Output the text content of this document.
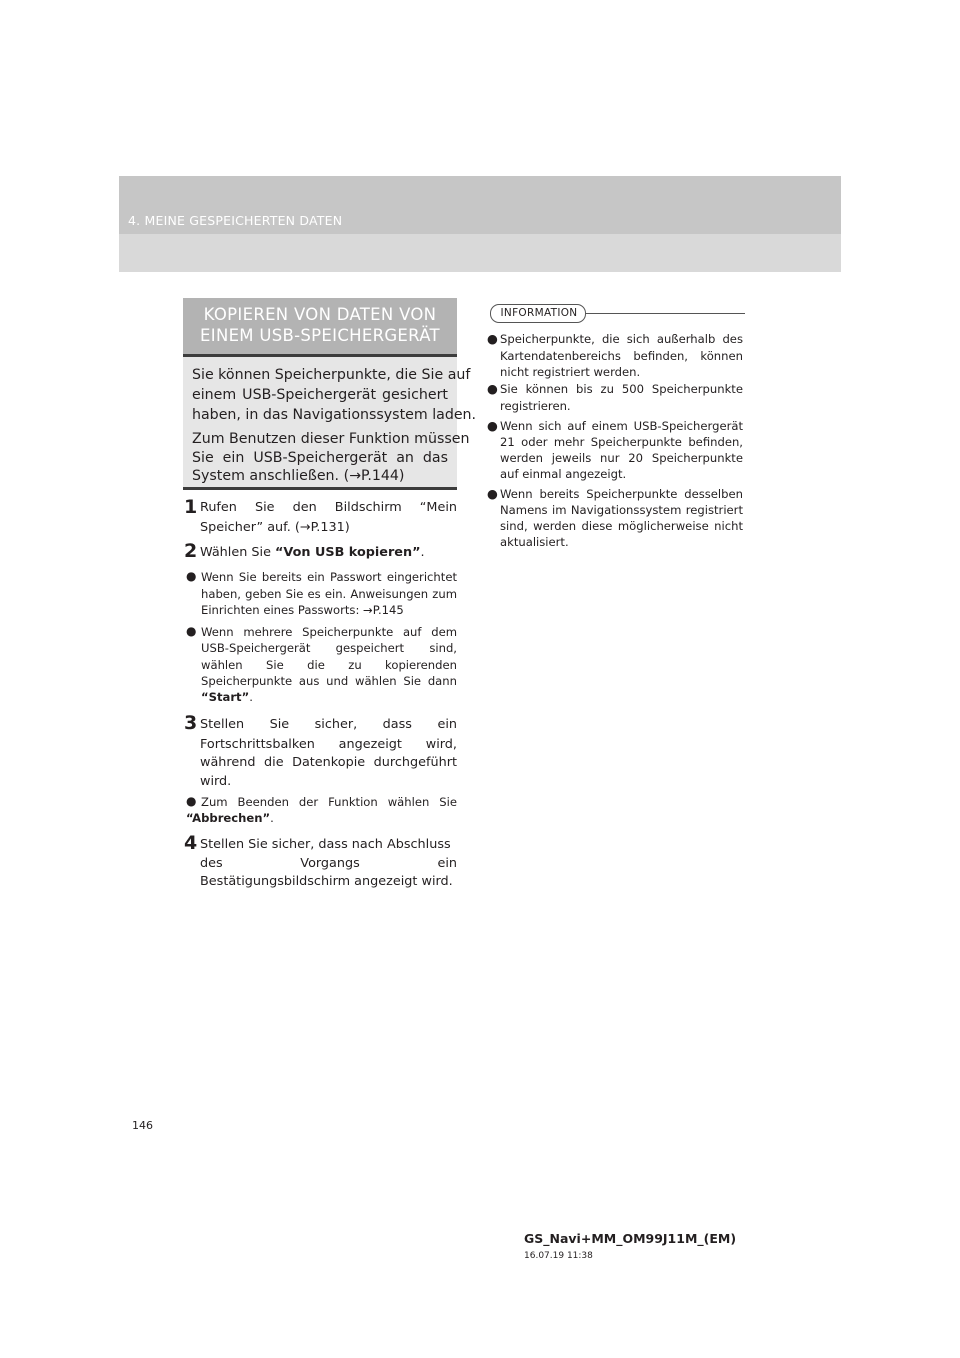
4. MEINE GESPEICHERTEN DATEN
KOPIEREN VON DATEN VON
EINEM USB-SPEICHERGERÄT
Sie können Speicherpunkte, die Sie auf
einem USB-Speichergerät gesichert
haben, in das Navigationssystem laden.
Zum Benutzen dieser Funktion müssen
Sie ein USB-Speichergerät an das
System anschließen. (→P.144)
1 Rufen Sie den Bildschirm “Mein
Speicher” auf. (→P.131)
2 Wählen Sie “Von USB kopieren”.
● Wenn Sie bereits ein Passwort eingerichtet
haben, geben Sie es ein. Anweisungen zum
Einrichten eines Passworts: →P.145
● Wenn mehrere Speicherpunkte auf dem
USB-Speichergerät gespeichert sind,
wählen Sie die zu kopierenden
Speicherpunkte aus und wählen Sie dann
“Start”.
3 Stellen Sie sicher, dass ein
Fortschrittsbalken angezeigt wird,
während die Datenkopie durchgeführt
wird.
● Zum Beenden der Funktion wählen Sie
“Abbrechen”.
4 Stellen Sie sicher, dass nach Abschluss
des Vorgangs ein
Bestätigungsbildschirm angezeigt wird.
INFORMATION
● Speicherpunkte, die sich außerhalb des
Kartendatenbereichs befinden, können
nicht registriert werden.
● Sie können bis zu 500 Speicherpunkte
registrieren.
● Wenn sich auf einem USB-Speichergerät
21 oder mehr Speicherpunkte befinden,
werden jeweils nur 20 Speicherpunkte
auf einmal angezeigt.
● Wenn bereits Speicherpunkte desselben
Namens im Navigationssystem registriert
sind, werden diese möglicherweise nicht
aktualisiert.
146
GS_Navi+MM_OM99J11M_(EM)
16.07.19 11:38
